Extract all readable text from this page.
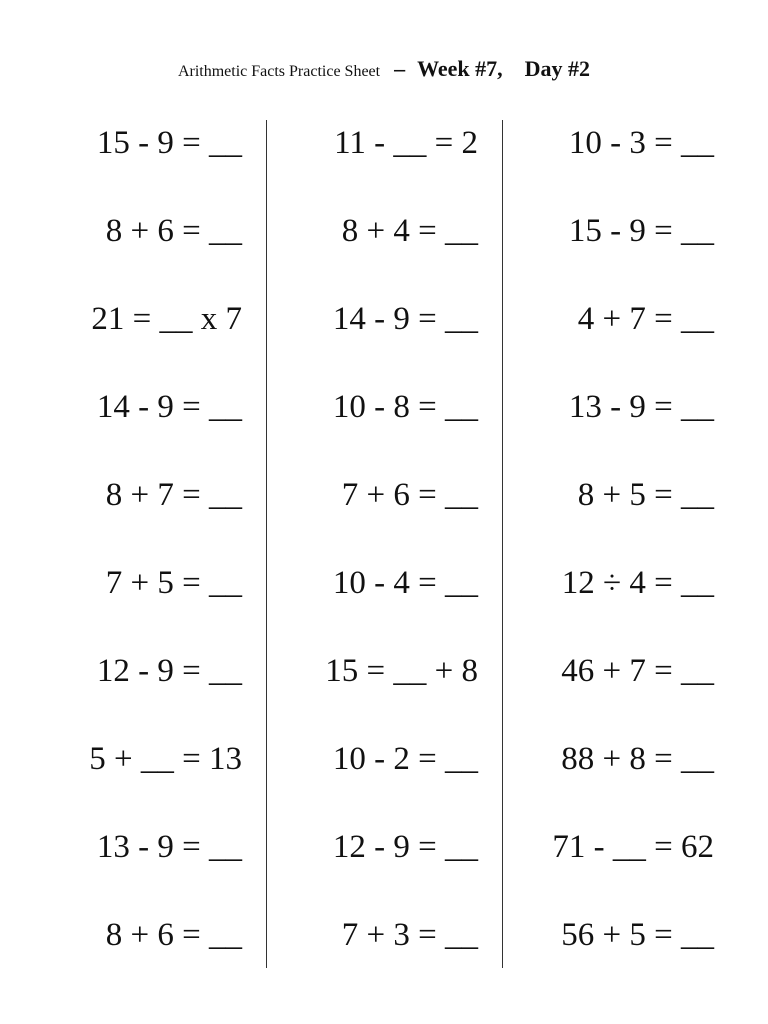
Arithmetic Facts Practice Sheet – Week #7, Day #2
15 - 9 = __
8 + 6 = __
21 = __ x 7
14 - 9 = __
8 + 7 = __
7 + 5 = __
12 - 9 = __
5 + __ = 13
13 - 9 = __
8 + 6 = __
11 - __ = 2
8 + 4 = __
14 - 9 = __
10 - 8 = __
7 + 6 = __
10 - 4 = __
15 = __ + 8
10 - 2 = __
12 - 9 = __
7 + 3 = __
10 - 3 = __
15 - 9 = __
4 + 7 = __
13 - 9 = __
8 + 5 = __
12 ÷ 4 = __
46 + 7 = __
88 + 8 = __
71 - __ = 62
56 + 5 = __
